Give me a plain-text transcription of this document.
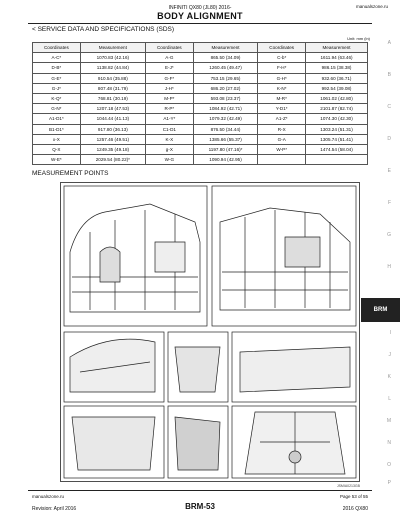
INFINITI QX80 (JL80) 2016-	manualszone.ru
BODY ALIGNMENT
< SERVICE DATA AND SPECIFICATIONS (SDS)
Unit: mm (in)
Coordinates	Measurement	Coordinates	Measurement	Coordinates	Measurement
A-C*	1070.83 (42.16)	A-G	865.50 (34.09)	C-b*	1611.94 (63.46)
D-B*	1138.82 (44.84)	E-J*	1260.45 (49.47)	F-H*	986.15 (38.38)
G-E*	910.54 (35.88)	G-F*	753.15 (29.65)	G-H*	932.60 (36.71)
G-J*	807.48 (31.79)	J-H*	686.20 (27.02)	K-N*	992.54 (39.08)
K-Q*	768.81 (30.19)	M-P*	593.08 (23.37)	M-R*	1061.02 (42.80)
G-N*	1207.18 (47.53)	R-P*	1084.92 (42.71)	Y-D1*	2101.87 (82.74)
A1-D1*	1044.44 (41.13)	A1-Y*	1079.32 (42.49)	A1-Z*	1074.30 (42.30)
B1-D1*	917.80 (36.13)	C1-D1	876.50 (34.44)	R-X	1303.24 (51.31)
x-X	1257.46 (49.51)	K-X	1385.66 (55.37)	G-A	1305.74 (51.41)
Q-X	1249.35 (49.18)	g-X	1197.80 (47.16)*	W-P*	1474.54 (58.04)
W-E*	2029.54 (80.22)*	W-G	1090.94 (42.95)		
MEASUREMENT POINTS
JSMIA0213GB
A
B
C
D
E
F
G
H
I
J
K
L
M
N
O
P
BRM
manualszone.ru
Revision: April 2016	BRM-53
Page 53 of 55
2016 QX80
